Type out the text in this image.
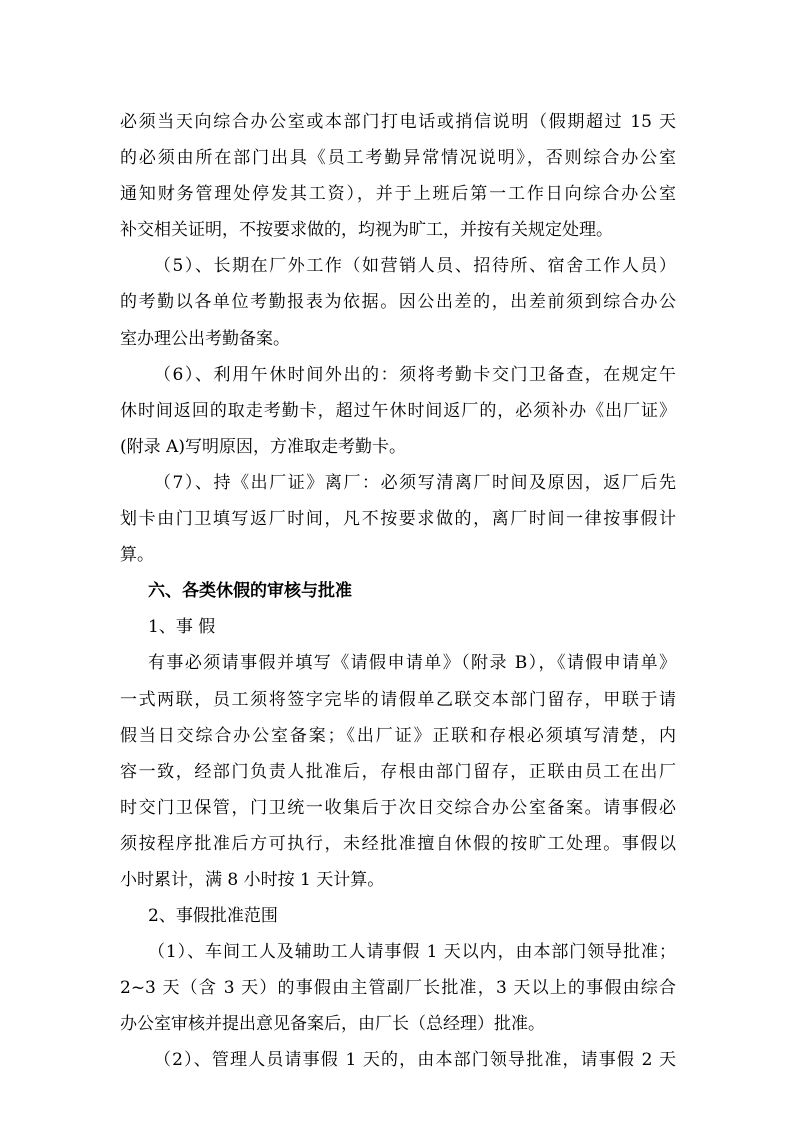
必须当天向综合办公室或本部门打电话或捎信说明（假期超过 15 天
的必须由所在部门出具《员工考勤异常情况说明》，否则综合办公室
通知财务管理处停发其工资），并于上班后第一工作日向综合办公室
补交相关证明，不按要求做的，均视为旷工，并按有关规定处理。
（5）、长期在厂外工作（如营销人员、招待所、宿舍工作人员）
的考勤以各单位考勤报表为依据。因公出差的，出差前须到综合办公
室办理公出考勤备案。
（6）、利用午休时间外出的：须将考勤卡交门卫备查，在规定午
休时间返回的取走考勤卡，超过午休时间返厂的，必须补办《出厂证》
(附录 A)写明原因，方准取走考勤卡。
（7）、持《出厂证》离厂：必须写清离厂时间及原因，返厂后先
划卡由门卫填写返厂时间，凡不按要求做的，离厂时间一律按事假计
算。
六、各类休假的审核与批准
1、事 假
有事必须请事假并填写《请假申请单》（附录 B），《请假申请单》
一式两联，员工须将签字完毕的请假单乙联交本部门留存，甲联于请
假当日交综合办公室备案；《出厂证》正联和存根必须填写清楚，内
容一致，经部门负责人批准后，存根由部门留存，正联由员工在出厂
时交门卫保管，门卫统一收集后于次日交综合办公室备案。请事假必
须按程序批准后方可执行，未经批准擅自休假的按旷工处理。事假以
小时累计，满 8 小时按 1 天计算。
2、事假批准范围
（1）、车间工人及辅助工人请事假 1 天以内，由本部门领导批准；
2~3 天（含 3 天）的事假由主管副厂长批准，3 天以上的事假由综合
办公室审核并提出意见备案后，由厂长（总经理）批准。
（2）、管理人员请事假 1 天的，由本部门领导批准，请事假 2 天
